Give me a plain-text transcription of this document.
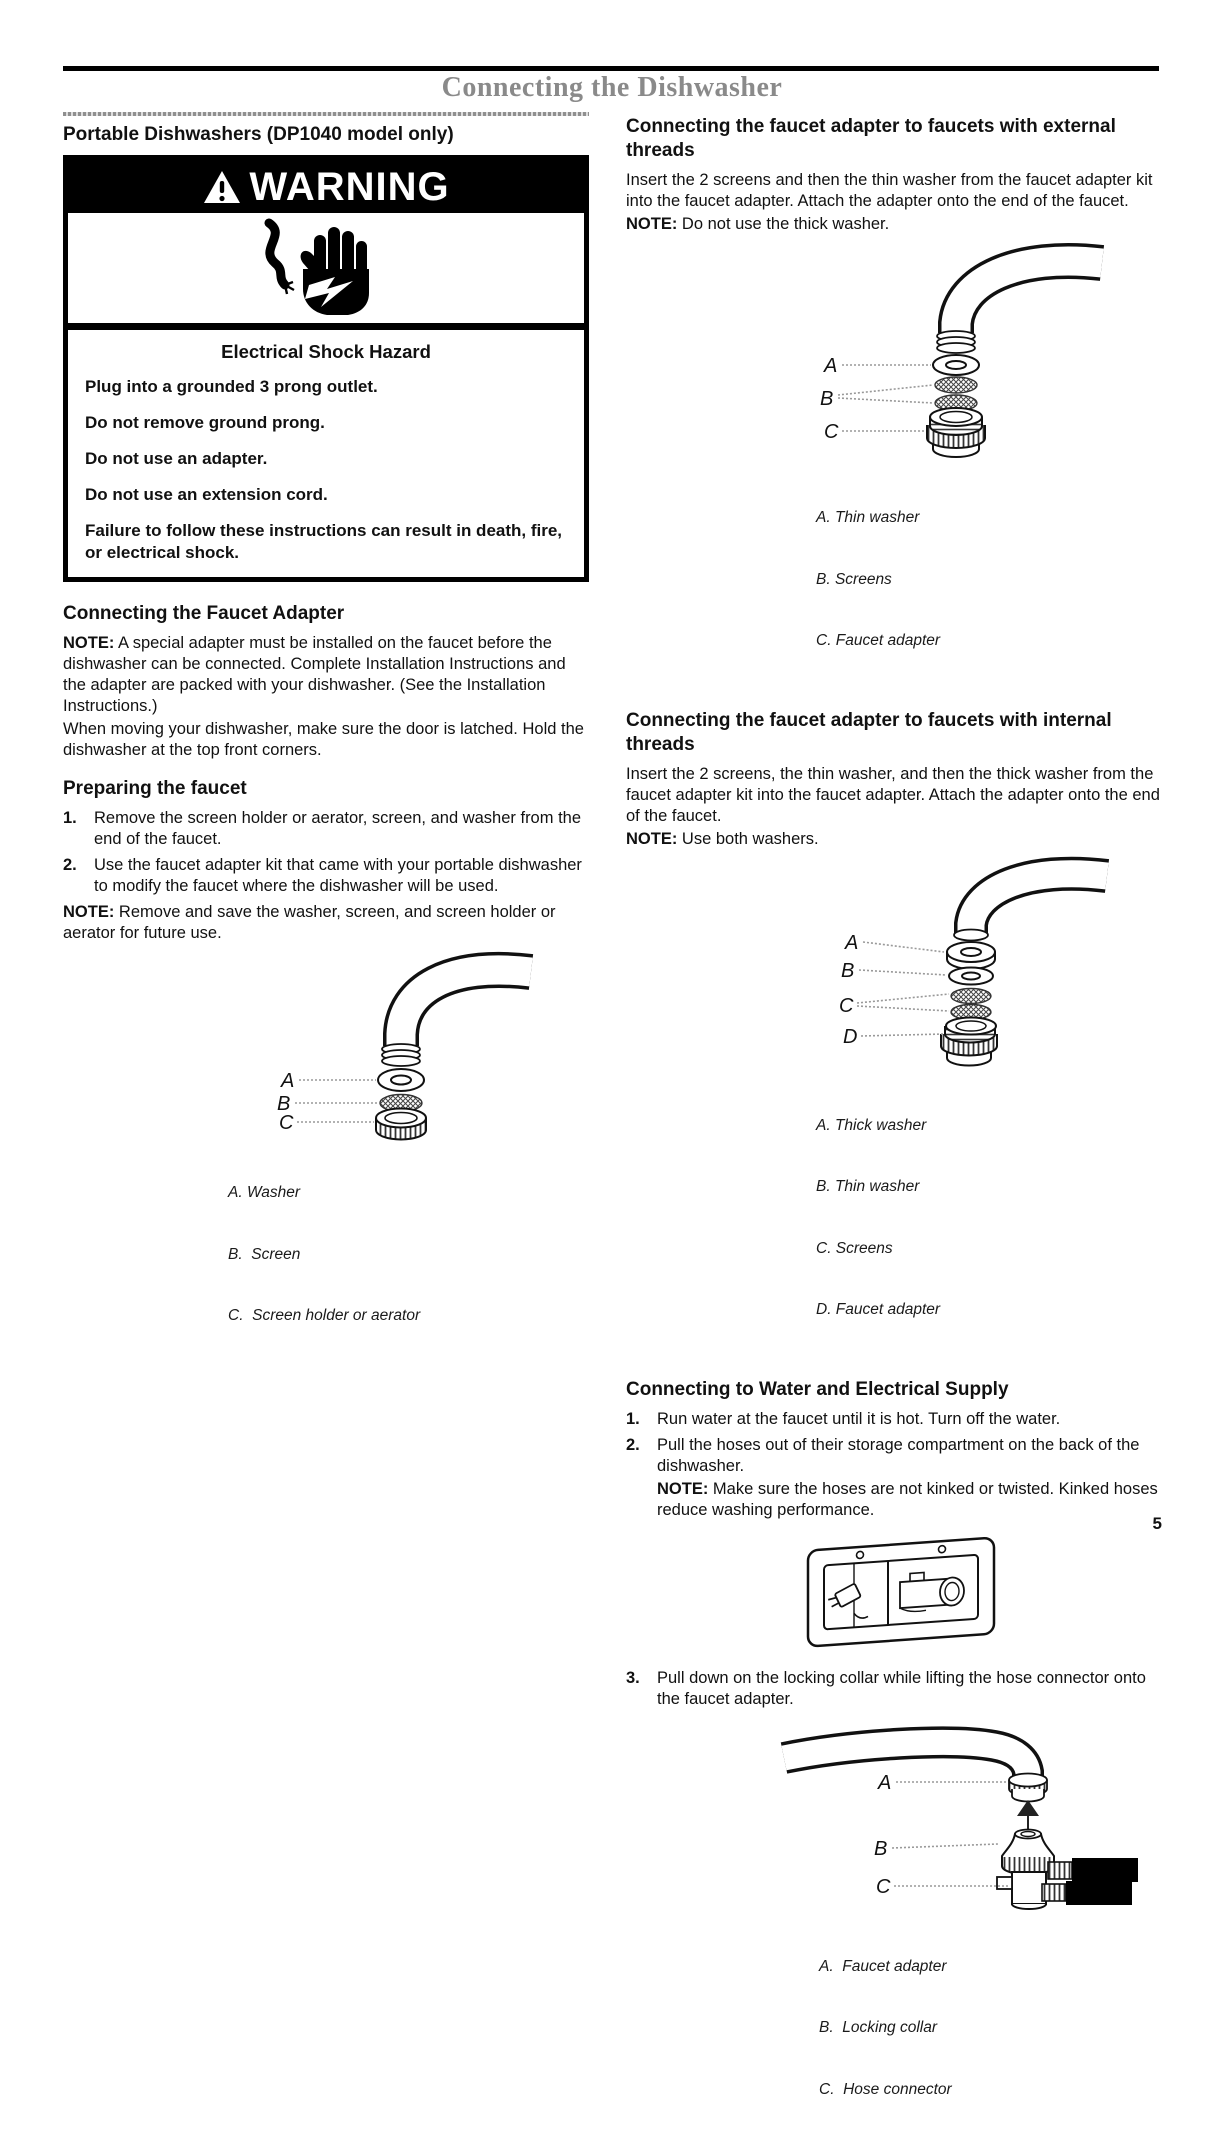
Connecting the Dishwasher
Portable Dishwashers (DP1040 model only)
WARNING
Electrical Shock Hazard

Plug into a grounded 3 prong outlet.

Do not remove ground prong.

Do not use an adapter.

Do not use an extension cord.

Failure to follow these instructions can result in death, fire, or electrical shock.

Connecting the Faucet Adapter

NOTE: A special adapter must be installed on the faucet before the dishwasher can be connected. Complete Installation Instructions and the adapter are packed with your dishwasher. (See the Installation Instructions.)

When moving your dishwasher, make sure the door is latched. Hold the dishwasher at the top front corners.

Preparing the faucet
1.	Remove the screen holder or aerator, screen, and washer from the end of the faucet.
2.	Use the faucet adapter kit that came with your portable dishwasher to modify the faucet where the dishwasher will be used.

NOTE: Remove and save the washer, screen, and screen holder or aerator for future use.

A
B
C

A. Washer

B.  Screen

C.  Screen holder or aerator

Connecting the faucet adapter to faucets with external threads

Insert the 2 screens and then the thin washer from the faucet adapter kit into the faucet adapter. Attach the adapter onto the end of the faucet.

NOTE: Do not use the thick washer.

A
B
C

A. Thin washer

B. Screens

C. Faucet adapter

Connecting the faucet adapter to faucets with internal threads

Insert the 2 screens, the thin washer, and then the thick washer from the faucet adapter kit into the faucet adapter. Attach the adapter onto the end of the faucet.

NOTE: Use both washers.

A
B
C
D

A. Thick washer

B. Thin washer

C. Screens

D. Faucet adapter

Connecting to Water and Electrical Supply
1.	Run water at the faucet until it is hot. Turn off the water.
2.	Pull the hoses out of their storage compartment on the back of the dishwasher.
NOTE: Make sure the hoses are not kinked or twisted. Kinked hoses reduce washing performance.
3.	Pull down on the locking collar while lifting the hose connector onto the faucet adapter.
A
B
C

A.  Faucet adapter

B.  Locking collar

C.  Hose connector

5
